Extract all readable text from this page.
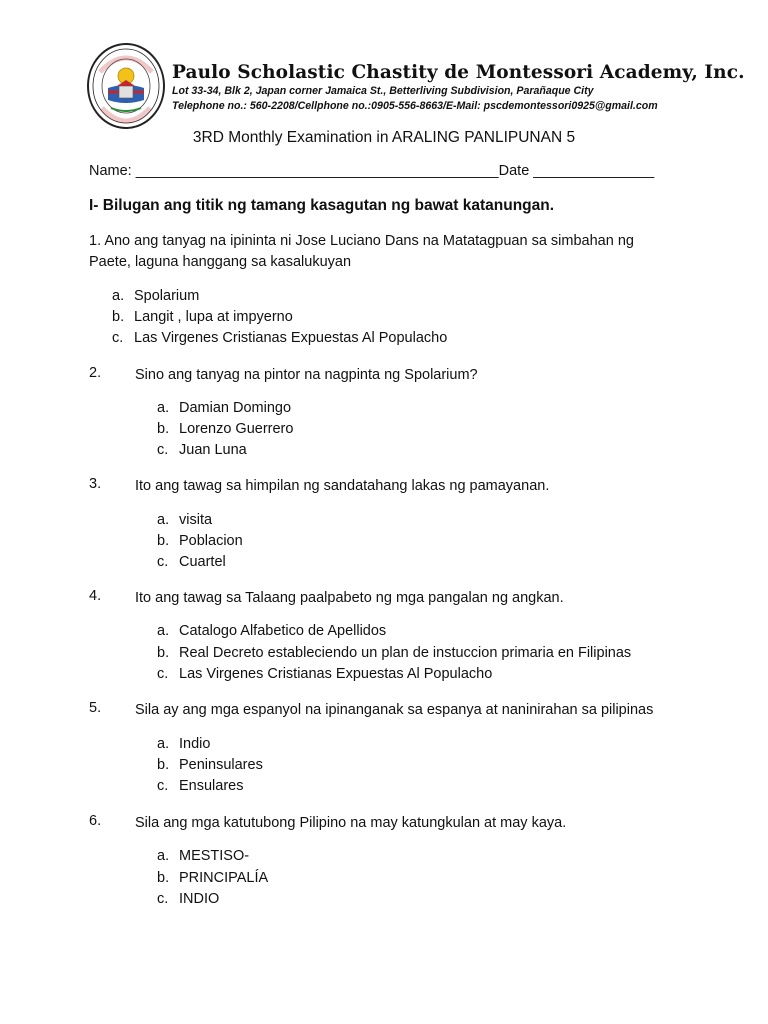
Paulo Scholastic Chastity de Montessori Academy, Inc.
Lot 33-34, Blk 2, Japan corner Jamaica St., Betterliving Subdivision, Parañaque City
Telephone no.: 560-2208/Cellphone no.:0905-556-8663/E-Mail: pscdemontessori0925@gmail.com
3RD Monthly Examination in ARALING PANLIPUNAN 5
Name: _____________________________________________Date _______________
I- Bilugan ang titik ng tamang kasagutan ng bawat katanungan.
1. Ano ang tanyag na ipininta ni Jose Luciano Dans na Matatagpuan sa simbahan ng
Paete, laguna hanggang sa kasalukuyan
a. Spolarium
b. Langit , lupa at impyerno
c. Las Virgenes Cristianas Expuestas Al Populacho
2. Sino ang tanyag na pintor na nagpinta ng Spolarium?
a. Damian Domingo
b. Lorenzo Guerrero
c. Juan Luna
3. Ito ang tawag sa himpilan ng sandatahang lakas ng pamayanan.
a. visita
b. Poblacion
c. Cuartel
4. Ito ang tawag sa Talaang paalpabeto ng mga pangalan ng angkan.
a. Catalogo Alfabetico de Apellidos
b. Real Decreto estableciendo un plan de instuccion primaria en Filipinas
c. Las Virgenes Cristianas Expuestas Al Populacho
5. Sila ay ang mga espanyol na ipinanganak sa espanya at naninirahan sa pilipinas
a. Indio
b. Peninsulares
c. Ensulares
6. Sila ang mga katutubong Pilipino na may katungkulan at may kaya.
a. MESTISO-
b. PRINCIPALÍA
c. INDIO
